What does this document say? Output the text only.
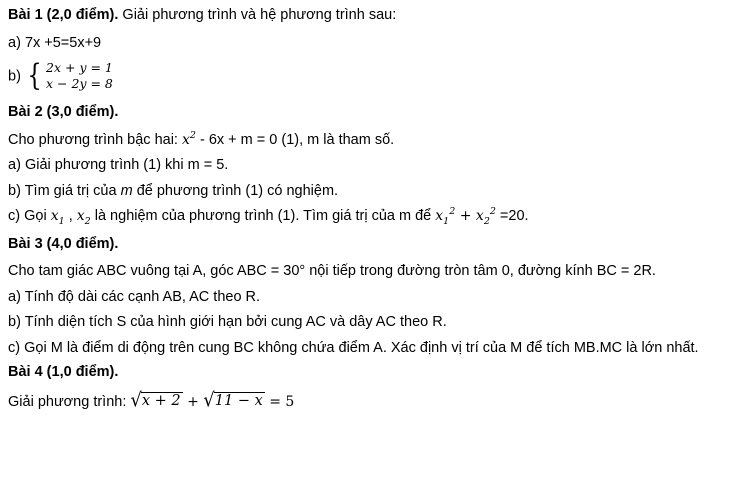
Bài 1 (2,0 điểm). Giải phương trình và hệ phương trình sau:
a) 7x +5=5x+9
b) { 2x + y = 1
x − 2y = 8
Bài 2 (3,0 điểm).
Cho phương trình bậc hai: $x^2 - 6x + m = 0$ (1), m là tham số.
a) Giải phương trình (1) khi m = 5.
b) Tìm giá trị của m để phương trình (1) có nghiệm.
c) Gọi $x_1$ , $x_2$ là nghiệm của phương trình (1). Tìm giá trị của m để $x_1^2 + x_2^2 =20$.
Bài 3 (4,0 điểm).
Cho tam giác ABC vuông tại A, góc ABC = 30° nội tiếp trong đường tròn tâm 0, đường kính BC = 2R.
a) Tính độ dài các cạnh AB, AC theo R.
b) Tính diện tích S của hình giới hạn bởi cung AC và dây AC theo R.
c) Gọi M là điểm di động trên cung BC không chứa điểm A. Xác định vị trí của M để tích MB.MC là lớn nhất.
Bài 4 (1,0 điểm).
Giải phương trình: √ x + 2 + √ 11 − x = 5
